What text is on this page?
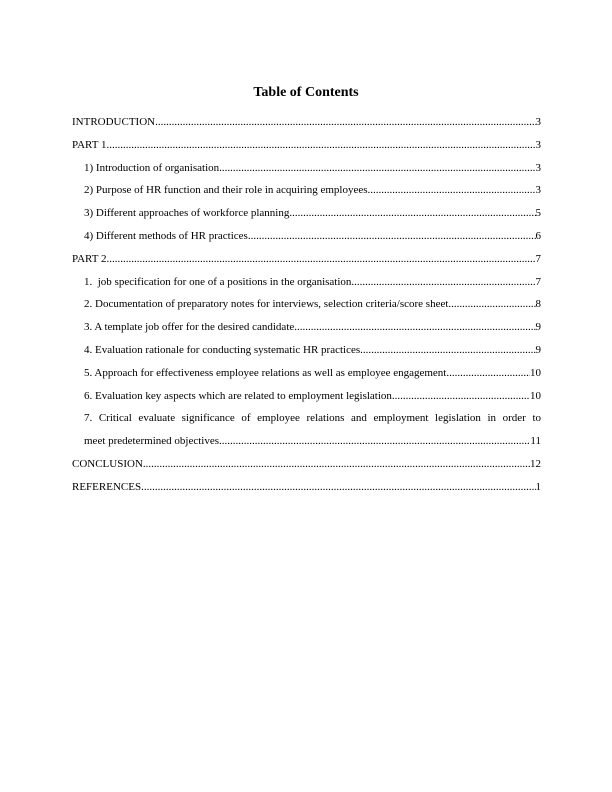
Table of Contents
INTRODUCTION .....	3
PART 1 .....	3
1) Introduction of organisation .....	3
2) Purpose of HR function and their role in acquiring employees .....	3
3) Different approaches of workforce planning .....	5
4) Different methods of HR practices .....	6
PART 2 .....	7
1.  job specification for one of a positions in the organisation .....	7
2. Documentation of preparatory notes for interviews, selection criteria/score sheet .....	8
3. A template job offer for the desired candidate .....	9
4. Evaluation rationale for conducting systematic HR practices .....	9
5. Approach for effectiveness employee relations as well as employee engagement .....	10
6. Evaluation key aspects which are related to employment legislation .....	10
7. Critical evaluate significance of employee relations and employment legislation in order to
meet predetermined objectives .....	11
CONCLUSION .....	12
REFERENCES .....	1
